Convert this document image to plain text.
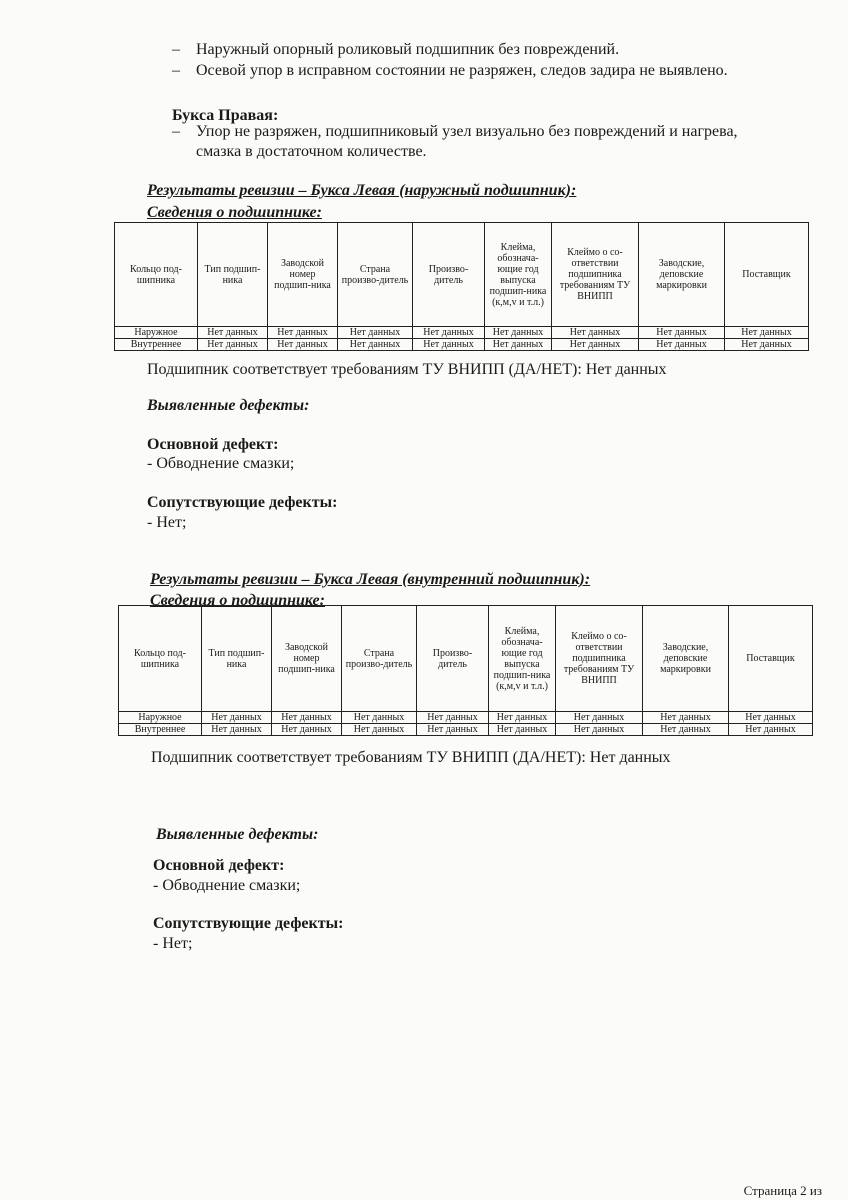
– Наружный опорный роликовый подшипник без повреждений.
– Осевой упор в исправном состоянии не разряжен, следов задира не выявлено.
Букса Правая:
– Упор не разряжен, подшипниковый узел визуально без повреждений и нагрева,
смазка в достаточном количестве.
Результаты ревизии – Букса Левая (наружный подшипник):
Сведения о подшипнике:
Кольцо под-шипника	Тип подшип-ника	Заводской номер подшип-ника	Страна произво-дитель	Произво-дитель	Клейма, обознача-ющие год выпуска подшип-ника (к,м,v и т.л.)	Клеймо о со-ответствии подшипника требованиям ТУ ВНИПП	Заводские, деповские маркировки	Поставщик
Наружное	Нет данных	Нет данных	Нет данных	Нет данных	Нет данных	Нет данных	Нет данных	Нет данных
Внутреннее	Нет данных	Нет данных	Нет данных	Нет данных	Нет данных	Нет данных	Нет данных	Нет данных
Подшипник соответствует требованиям ТУ ВНИПП (ДА/НЕТ): Нет данных
Выявленные дефекты:
Основной дефект:
- Обводнение смазки;
Сопутствующие дефекты:
- Нет;
Результаты ревизии – Букса Левая (внутренний подшипник):
Сведения о подшипнике:
Кольцо под-шипника	Тип подшип-ника	Заводской номер подшип-ника	Страна произво-дитель	Произво-дитель	Клейма, обознача-ющие год выпуска подшип-ника (к,м,v и т.л.)	Клеймо о со-ответствии подшипника требованиям ТУ ВНИПП	Заводские, деповские маркировки	Поставщик
Наружное	Нет данных	Нет данных	Нет данных	Нет данных	Нет данных	Нет данных	Нет данных	Нет данных
Внутреннее	Нет данных	Нет данных	Нет данных	Нет данных	Нет данных	Нет данных	Нет данных	Нет данных
Подшипник соответствует требованиям ТУ ВНИПП (ДА/НЕТ): Нет данных
Выявленные дефекты:
Основной дефект:
- Обводнение смазки;
Сопутствующие дефекты:
- Нет;
Страница 2 из
